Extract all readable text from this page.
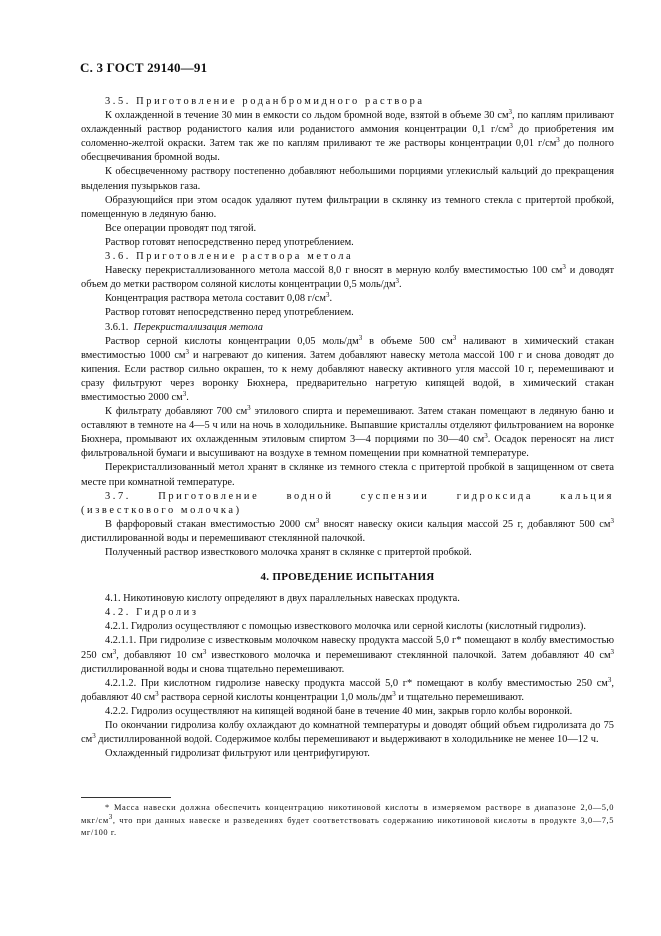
С. 3 ГОСТ 29140—91

3.5. Приготовление роданбромидного раствора

К охлажденной в течение 30 мин в емкости со льдом бромной воде, взятой в объеме 30 $см^3$, по каплям приливают охлажденный раствор роданистого калия или роданистого аммония концентрации 0,1 $г/см^3$ до приобретения им соломенно-желтой окраски. Затем так же по каплям приливают те же растворы концентрации 0,01 $г/см^3$ до полного обесцвечивания бромной воды.

К обесцвеченному раствору постепенно добавляют небольшими порциями углекислый кальций до прекращения выделения пузырьков газа.

Образующийся при этом осадок удаляют путем фильтрации в склянку из темного стекла с притертой пробкой, помещенную в ледяную баню.

Все операции проводят под тягой.

Раствор готовят непосредственно перед употреблением.

3.6. Приготовление раствора метола

Навеску перекристаллизованного метола массой 8,0 г вносят в мерную колбу вместимостью 100 $см^3$ и доводят объем до метки раствором соляной кислоты концентрации 0,5 моль/$дм^3$.

Концентрация раствора метола составит 0,08 $г/см^3$.

Раствор готовят непосредственно перед употреблением.

3.6.1. Перекристаллизация метола

Раствор серной кислоты концентрации 0,05 моль/$дм^3$ в объеме 500 $см^3$ наливают в химический стакан вместимостью 1000 $см^3$ и нагревают до кипения. Затем добавляют навеску метола массой 100 г и снова доводят до кипения. Если раствор сильно окрашен, то к нему добавляют навеску активного угля массой 10 г, перемешивают и сразу фильтруют через воронку Бюхнера, предварительно нагретую кипящей водой, в химический стакан вместимостью 2000 $см^3$.

К фильтрату добавляют 700 $см^3$ этилового спирта и перемешивают. Затем стакан помещают в ледяную баню и оставляют в темноте на 4—5 ч или на ночь в холодильнике. Выпавшие кристаллы отделяют фильтрованием на воронке Бюхнера, промывают их охлажденным этиловым спиртом 3—4 порциями по 30—40 $см^3$. Осадок переносят на лист фильтровальной бумаги и высушивают на воздухе в темном помещении при комнатной температуре.

Перекристаллизованный метол хранят в склянке из темного стекла с притертой пробкой в защищенном от света месте при комнатной температуре.

3.7. Приготовление водной суспензии гидроксида кальция

(известкового молочка)

В фарфоровый стакан вместимостью 2000 $см^3$ вносят навеску окиси кальция массой 25 г, добавляют 500 $см^3$ дистиллированной воды и перемешивают стеклянной палочкой.

Полученный раствор известкового молочка хранят в склянке с притертой пробкой.

4. ПРОВЕДЕНИЕ ИСПЫТАНИЯ

4.1. Никотиновую кислоту определяют в двух параллельных навесках продукта.

4.2. Гидролиз

4.2.1. Гидролиз осуществляют с помощью известкового молочка или серной кислоты (кислотный гидролиз).

4.2.1.1. При гидролизе с известковым молочком навеску продукта массой 5,0 г* помещают в колбу вместимостью 250 $см^3$, добавляют 10 $см^3$ известкового молочка и перемешивают стеклянной палочкой. Затем добавляют 40 $см^3$ дистиллированной воды и снова тщательно перемешивают.

4.2.1.2. При кислотном гидролизе навеску продукта массой 5,0 г* помещают в колбу вместимостью 250 $см^3$, добавляют 40 $см^3$ раствора серной кислоты концентрации 1,0 моль/$дм^3$ и тщательно перемешивают.

4.2.2. Гидролиз осуществляют на кипящей водяной бане в течение 40 мин, закрыв горло колбы воронкой.

По окончании гидролиза колбу охлаждают до комнатной температуры и доводят общий объем гидролизата до 75 $см^3$ дистиллированной водой. Содержимое колбы перемешивают и выдерживают в холодильнике не менее 10—12 ч.

Охлажденный гидролизат фильтруют или центрифугируют.

* Масса навески должна обеспечить концентрацию никотиновой кислоты в измеряемом растворе в диапазоне 2,0—5,0 мкг/$см^3$, что при данных навеске и разведениях будет соответствовать содержанию никотиновой кислоты в продукте 3,0—7,5 мг/100 г.
